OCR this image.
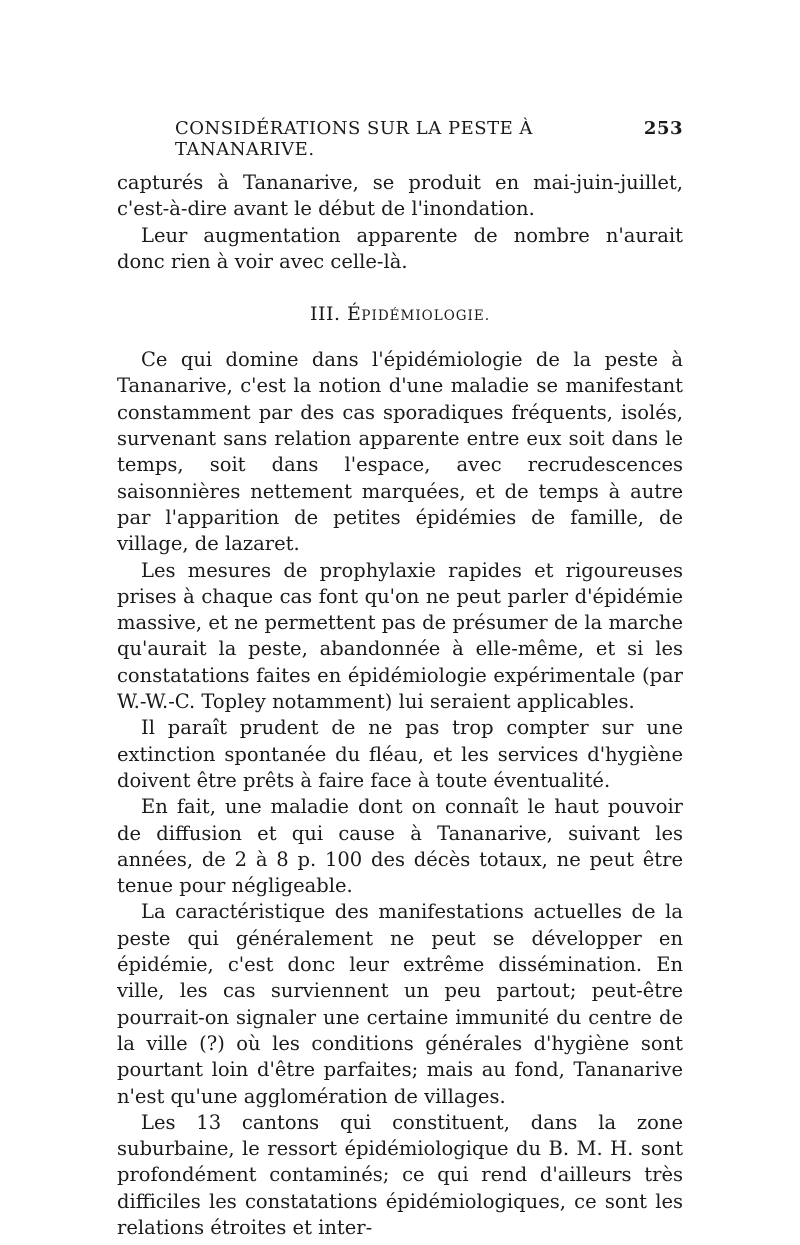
CONSIDÉRATIONS SUR LA PESTE À TANANARIVE.
253

capturés à Tananarive, se produit en mai-juin-juillet, c'est-à-dire avant le début de l'inondation.

Leur augmentation apparente de nombre n'aurait donc rien à voir avec celle-là.

III. ÉPIDÉMIOLOGIE.

Ce qui domine dans l'épidémiologie de la peste à Tananarive, c'est la notion d'une maladie se manifestant constamment par des cas sporadiques fréquents, isolés, survenant sans relation apparente entre eux soit dans le temps, soit dans l'espace, avec recrudescences saisonnières nettement marquées, et de temps à autre par l'apparition de petites épidémies de famille, de village, de lazaret.

Les mesures de prophylaxie rapides et rigoureuses prises à chaque cas font qu'on ne peut parler d'épidémie massive, et ne permettent pas de présumer de la marche qu'aurait la peste, abandonnée à elle-même, et si les constatations faites en épidémiologie expérimentale (par W.-W.-C. Topley notamment) lui seraient applicables.

Il paraît prudent de ne pas trop compter sur une extinction spontanée du fléau, et les services d'hygiène doivent être prêts à faire face à toute éventualité.

En fait, une maladie dont on connaît le haut pouvoir de diffusion et qui cause à Tananarive, suivant les années, de 2 à 8 p. 100 des décès totaux, ne peut être tenue pour négligeable.

La caractéristique des manifestations actuelles de la peste qui généralement ne peut se développer en épidémie, c'est donc leur extrême dissémination. En ville, les cas surviennent un peu partout; peut-être pourrait-on signaler une certaine immunité du centre de la ville (?) où les conditions générales d'hygiène sont pourtant loin d'être parfaites; mais au fond, Tananarive n'est qu'une agglomération de villages.

Les 13 cantons qui constituent, dans la zone suburbaine, le ressort épidémiologique du B. M. H. sont profondément contaminés; ce qui rend d'ailleurs très difficiles les constatations épidémiologiques, ce sont les relations étroites et inter-
